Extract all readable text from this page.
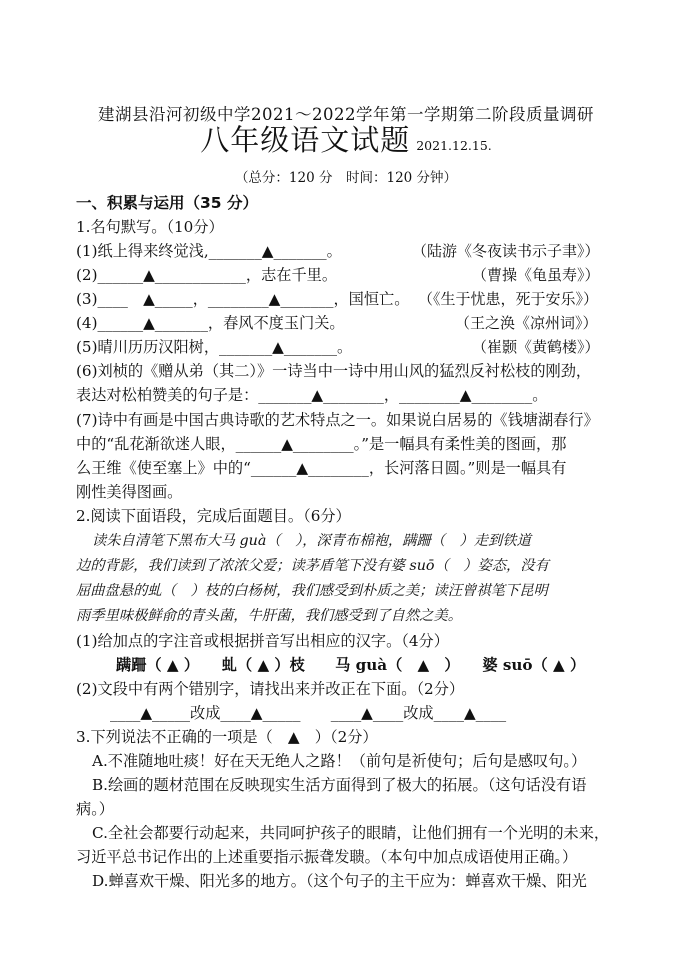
建湖县沿河初级中学2021～2022学年第一学期第二阶段质量调研
八年级语文试题 2021.12.15.
（总分：120 分　时间：120 分钟）
一、积累与运用（35 分）
1.名句默写。（10分）
(1)纸上得来终觉浅,_______▲_______。	（陆游《冬夜读书示子聿》）
(2)______▲____________，志在千里。	（曹操《龟虽寿》）
(3)____　▲_____，________▲_______，国恒亡。 （《生于忧患，死于安乐》）
(4)______▲_______，春风不度玉门关。	（王之涣《凉州词》）
(5)晴川历历汉阳树，_______▲_______。	（崔颢《黄鹤楼》）
(6)刘桢的《赠从弟（其二）》一诗当中一诗中用山风的猛烈反衬松枝的刚劲，
表达对松柏赞美的句子是：_______▲________，________▲________。
(7)诗中有画是中国古典诗歌的艺术特点之一。如果说白居易的《钱塘湖春行》
中的“乱花渐欲迷人眼，______▲________。”是一幅具有柔性美的图画，那
么王维《使至塞上》中的“______▲________，长河落日圆。”则是一幅具有
刚性美得图画。
2.阅读下面语段，完成后面题目。（6分）
读朱自清笔下黑布大马 guà（　），深青布棉袍，蹒跚（　）走到铁道
边的背影，我们读到了浓浓父爱；读茅盾笔下没有婆 suō（　）姿态，没有
屈曲盘悬的虬（　）枝的白杨树，我们感受到朴质之美；读汪曾祺笔下昆明
雨季里味极鲜俞的青头菌，牛肝菌，我们感受到了自然之美。
(1)给加点的字注音或根据拼音写出相应的汉字。（4分）
蹒跚（ ▲ ）　　虬（ ▲ ）枝　　马 guà（　▲　）　　婆 suō（ ▲ ）
(2)文段中有两个错别字，请找出来并改正在下面。（2分）
____▲_____改成____▲_____　　____▲____改成____▲____
3.下列说法不正确的一项是（　▲　）（2分）
A.不准随地吐痰！好在天无绝人之路！（前句是祈使句；后句是感叹句。）
B.绘画的题材范围在反映现实生活方面得到了极大的拓展。（这句话没有语
病。）
C.全社会都要行动起来，共同呵护孩子的眼睛，让他们拥有一个光明的未来，
习近平总书记作出的上述重要指示振聋发聩。（本句中加点成语使用正确。）
D.蝉喜欢干燥、阳光多的地方。（这个句子的主干应为：蝉喜欢干燥、阳光
